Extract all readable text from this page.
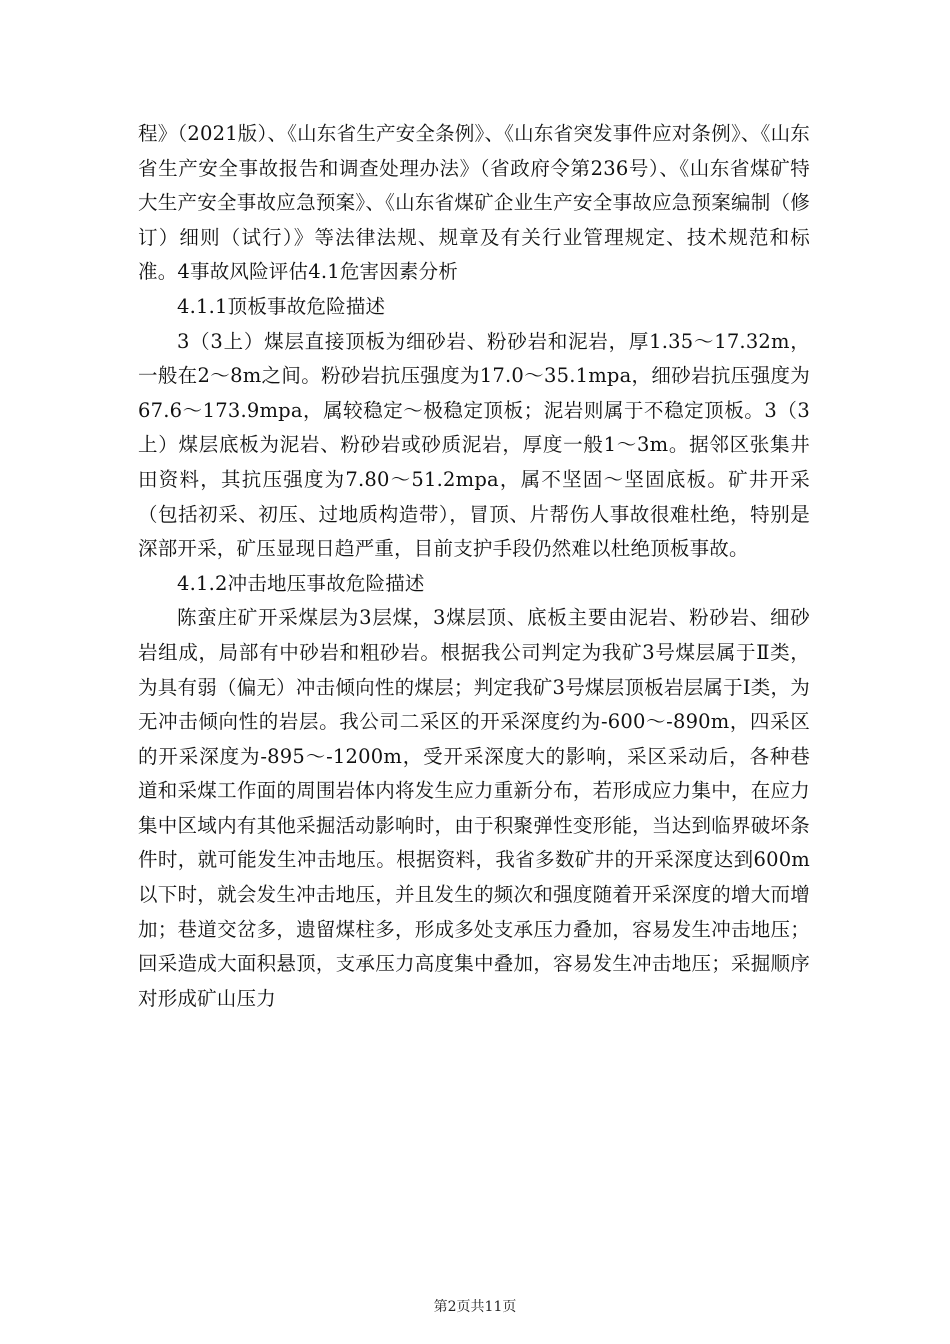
程》（2021版）、《山东省生产安全条例》、《山东省突发事件应对条例》、《山东省生产安全事故报告和调查处理办法》（省政府令第236号）、《山东省煤矿特大生产安全事故应急预案》、《山东省煤矿企业生产安全事故应急预案编制（修订）细则（试行）》等法律法规、规章及有关行业管理规定、技术规范和标准。4事故风险评估4.1危害因素分析

4.1.1顶板事故危险描述

3（3上）煤层直接顶板为细砂岩、粉砂岩和泥岩，厚1.35～17.32m，一般在2～8m之间。粉砂岩抗压强度为17.0～35.1mpa，细砂岩抗压强度为67.6～173.9mpa，属较稳定～极稳定顶板；泥岩则属于不稳定顶板。3（3上）煤层底板为泥岩、粉砂岩或砂质泥岩，厚度一般1～3m。据邻区张集井田资料，其抗压强度为7.80～51.2mpa，属不坚固～坚固底板。矿井开采（包括初采、初压、过地质构造带），冒顶、片帮伤人事故很难杜绝，特别是深部开采，矿压显现日趋严重，目前支护手段仍然难以杜绝顶板事故。

4.1.2冲击地压事故危险描述

陈蛮庄矿开采煤层为3层煤，3煤层顶、底板主要由泥岩、粉砂岩、细砂岩组成，局部有中砂岩和粗砂岩。根据我公司判定为我矿3号煤层属于Ⅱ类，为具有弱（偏无）冲击倾向性的煤层；判定我矿3号煤层顶板岩层属于Ⅰ类，为无冲击倾向性的岩层。我公司二采区的开采深度约为-600～-890m，四采区的开采深度为-895～-1200m，受开采深度大的影响，采区采动后，各种巷道和采煤工作面的周围岩体内将发生应力重新分布，若形成应力集中，在应力集中区域内有其他采掘活动影响时，由于积聚弹性变形能，当达到临界破坏条件时，就可能发生冲击地压。根据资料，我省多数矿井的开采深度达到600m以下时，就会发生冲击地压，并且发生的频次和强度随着开采深度的增大而增加；巷道交岔多，遗留煤柱多，形成多处支承压力叠加，容易发生冲击地压；回采造成大面积悬顶，支承压力高度集中叠加，容易发生冲击地压；采掘顺序对形成矿山压力

第2页共11页
